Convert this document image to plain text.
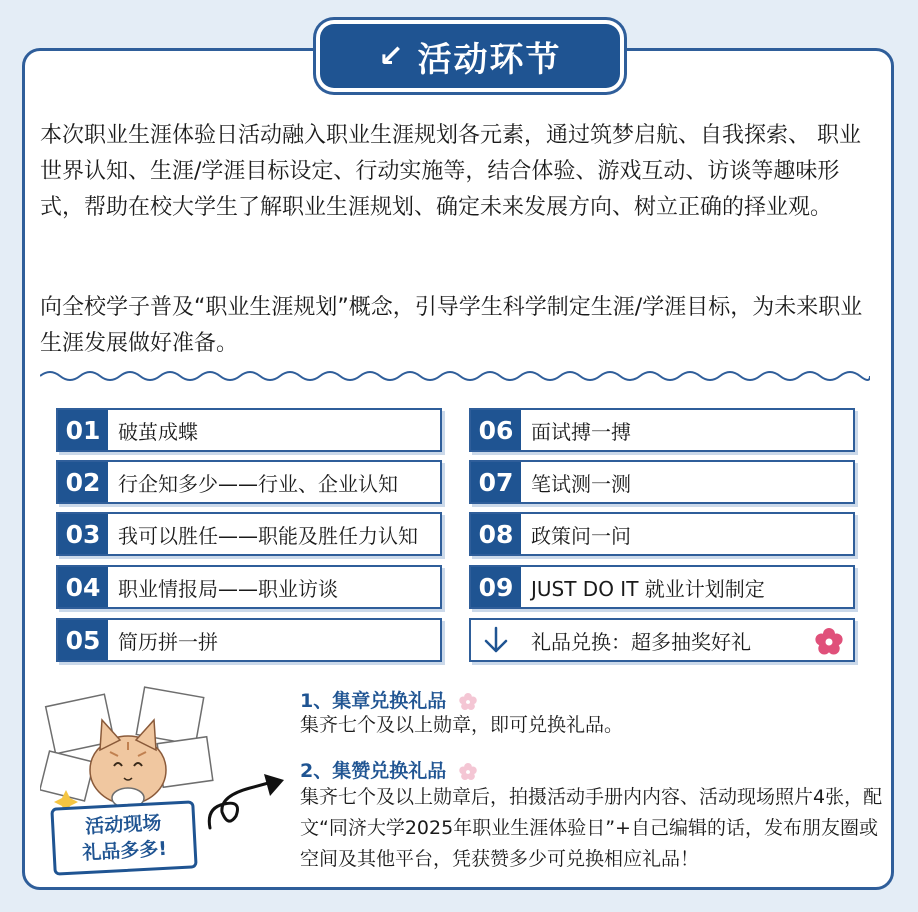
↙ 活动环节

本次职业生涯体验日活动融入职业生涯规划各元素，通过筑梦启航、自我探索、 职业世界认知、生涯/学涯目标设定、行动实施等，结合体验、游戏互动、访谈等趣味形式，帮助在校大学生了解职业生涯规划、确定未来发展方向、树立正确的择业观。

向全校学子普及“职业生涯规划”概念，引导学生科学制定生涯/学涯目标，为未来职业生涯发展做好准备。

01 破茧成蝶
02 行企知多少——行业、企业认知
03 我可以胜任——职能及胜任力认知
04 职业情报局——职业访谈
05 简历拼一拼
06 面试搏一搏
07 笔试测一测
08 政策问一问
09 JUST DO IT 就业计划制定
礼品兑换：超多抽奖好礼
活动现场
礼品多多!
1、集章兑换礼品
集齐七个及以上勋章，即可兑换礼品。
2、集赞兑换礼品
集齐七个及以上勋章后，拍摄活动手册内内容、活动现场照片4张，配文“同济大学2025年职业生涯体验日”+自己编辑的话，发布朋友圈或空间及其他平台，凭获赞多少可兑换相应礼品！
